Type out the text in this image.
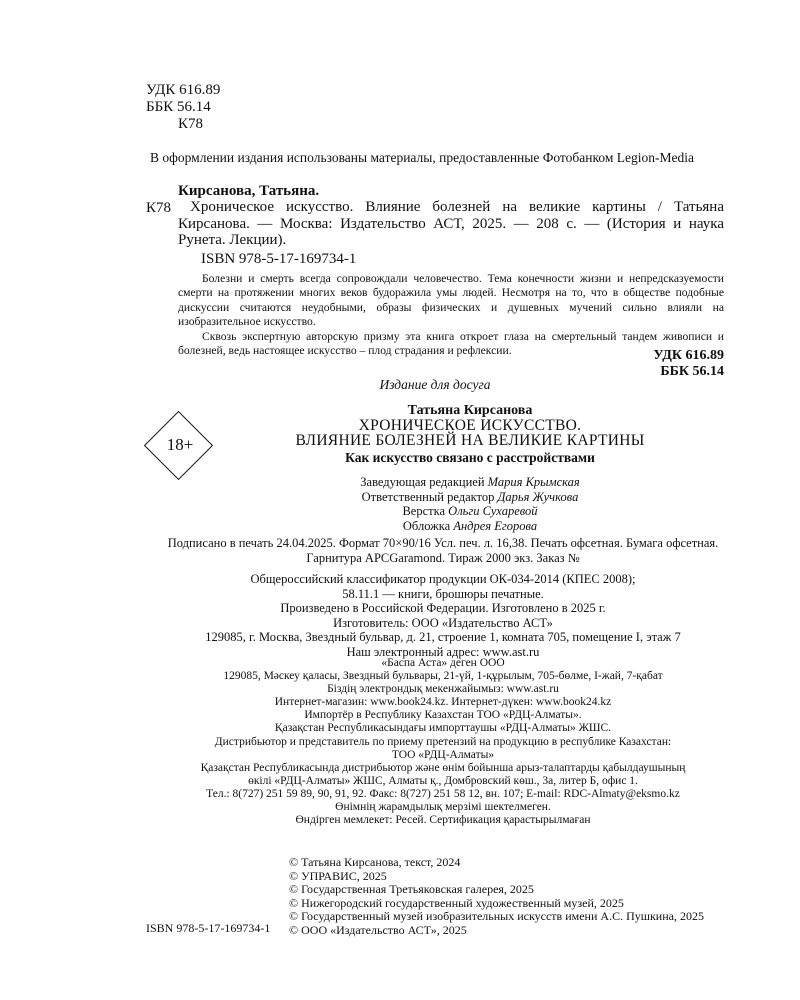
УДК 616.89
ББК 56.14
К78
В оформлении издания использованы материалы, предоставленные Фотобанком Legion-Media
Кирсанова, Татьяна.
К78	Хроническое искусство. Влияние болезней на великие картины / Татьяна Кирсанова. — Москва: Издательство АСТ, 2025. — 208 с. — (История и наука Рунета. Лекции).

ISBN 978-5-17-169734-1

Болезни и смерть всегда сопровождали человечество. Тема конечности жизни и непредсказуемости смерти на протяжении многих веков будоражила умы людей. Несмотря на то, что в обществе подобные дискуссии считаются неудобными, образы физических и душевных мучений сильно влияли на изобразительное искусство.

Сквозь экспертную авторскую призму эта книга откроет глаза на смертельный тандем живописи и болезней, ведь настоящее искусство – плод страдания и рефлексии.	УДК 616.89
ББК 56.14
Издание для досуга
18+
Татьяна Кирсанова
ХРОНИЧЕСКОЕ ИСКУССТВО.
ВЛИЯНИЕ БОЛЕЗНЕЙ НА ВЕЛИКИЕ КАРТИНЫ
Как искусство связано с расстройствами
Заведующая редакцией Мария Крымская
Ответственный редактор Дарья Жучкова
Верстка Ольги Сухаревой
Обложка Андрея Егорова
Подписано в печать 24.04.2025. Формат 70×90/16 Усл. печ. л. 16,38. Печать офсетная. Бумага офсетная.
Гарнитура APCGaramond. Тираж 2000 экз. Заказ №
Общероссийский классификатор продукции ОК-034-2014 (КПЕС 2008);
58.11.1 — книги, брошюры печатные.
Произведено в Российской Федерации. Изготовлено в 2025 г.
Изготовитель: ООО «Издательство АСТ»
129085, г. Москва, Звездный бульвар, д. 21, строение 1, комната 705, помещение I, этаж 7
Наш электронный адрес: www.ast.ru
«Баспа Аста» деген ООО
129085, Мәскеу қаласы, Звездный бульвары, 21-үй, 1-құрылым, 705-бөлме, I-жай, 7-қабат
Біздің электрондық мекенжайымыз: www.ast.ru
Интернет-магазин: www.book24.kz. Интернет-дүкен: www.book24.kz
Импортёр в Республику Казахстан ТОО «РДЦ-Алматы».
Қазақстан Республикасындағы импорттаушы «РДЦ-Алматы» ЖШС.
Дистрибьютор и представитель по приему претензий на продукцию в республике Казахстан:
ТОО «РДЦ-Алматы»
Қазақстан Республикасында дистрибьютор және өнім бойынша арыз-талаптарды қабылдаушының
өкілі «РДЦ-Алматы» ЖШС, Алматы қ., Домбровский көш., 3а, литер Б, офис 1.
Тел.: 8(727) 251 59 89, 90, 91, 92. Факс: 8(727) 251 58 12, вн. 107; E-mail: RDC-Almaty@eksmo.kz
Өнімнің жарамдылық мерзімі шектелмеген.
Өндірген мемлекет: Ресей. Сертификация қарастырылмаған
© Татьяна Кирсанова, текст, 2024
© УПРАВИС, 2025
© Государственная Третьяковская галерея, 2025
© Нижегородский государственный художественный музей, 2025
© Государственный музей изобразительных искусств имени А.С. Пушкина, 2025
© ООО «Издательство АСТ», 2025
ISBN 978-5-17-169734-1
